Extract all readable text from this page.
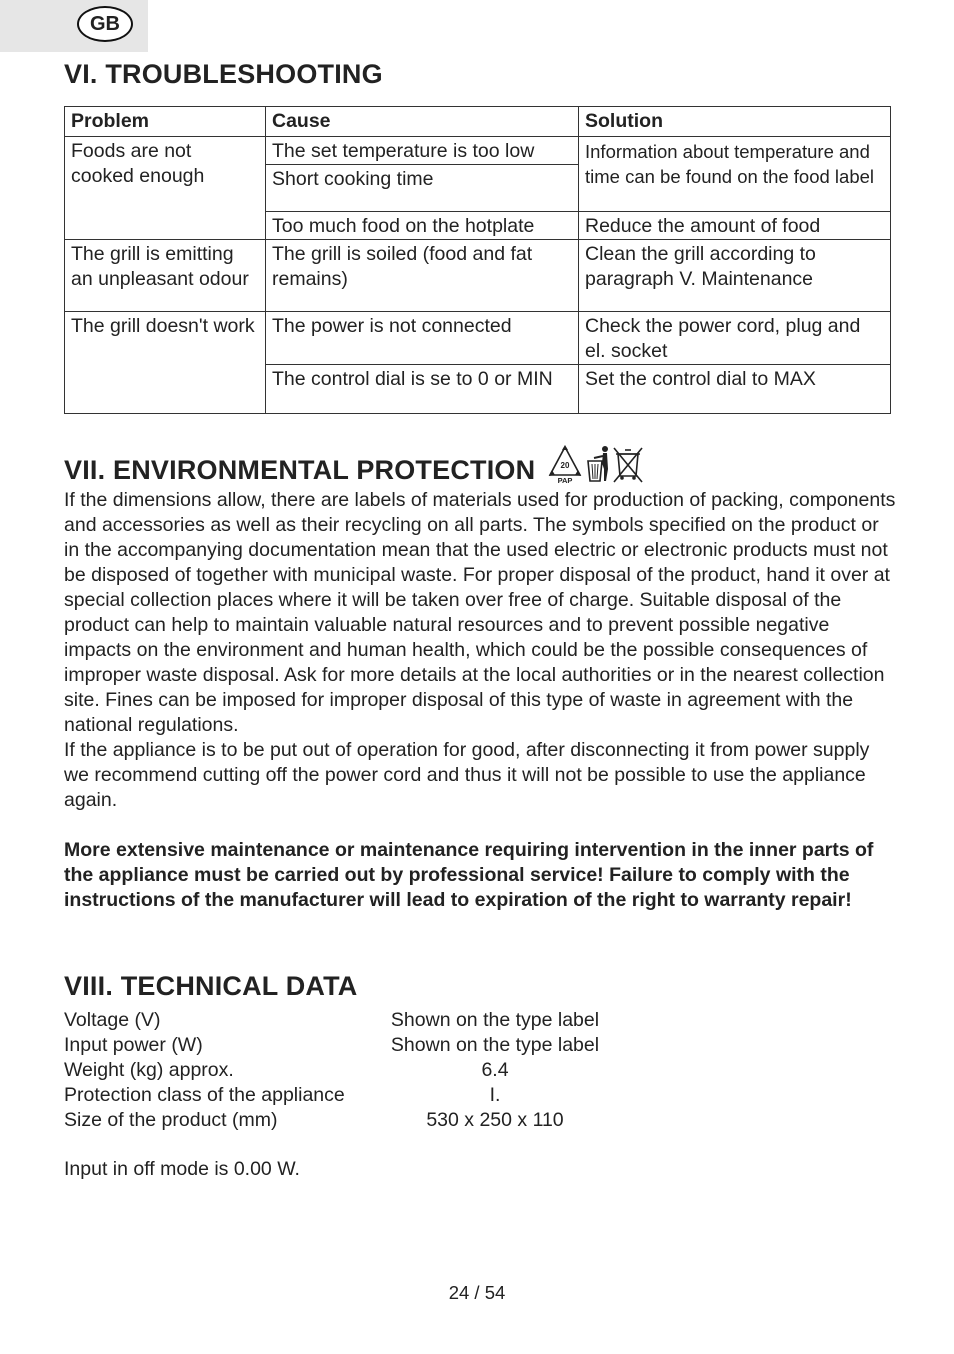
GB
VI. TROUBLESHOOTING
Problem	Cause	Solution
Foods are not cooked enough	The set temperature is too low	Information about temperature and time can be found on the food label
	Short cooking time	
	Too much food on the hotplate	Reduce the amount of food
The grill is emitting an unpleasant odour	The grill is soiled (food and fat remains)	Clean the grill according to paragraph V. Maintenance
The grill doesn't work	The power is not connected	Check the power cord, plug and el. socket
	The control dial is se to 0 or MIN	Set the control dial to MAX
VII. ENVIRONMENTAL PROTECTION	20
PAP

If the dimensions allow, there are labels of materials used for production of packing, components and accessories as well as their recycling on all parts. The symbols specified on the product or in the accompanying documentation mean that the used electric or electronic products must not be disposed of together with municipal waste. For proper disposal of the product, hand it over at special collection places where it will be taken over free of charge. Suitable disposal of the product can help to maintain valuable natural resources and to prevent possible negative impacts on the environment and human health, which could be the possible consequences of improper waste disposal. Ask for more details at the local authorities or in the nearest collection site. Fines can be imposed for improper disposal of this type of waste in agreement with the national regulations.

If the appliance is to be put out of operation for good, after disconnecting it from power supply we recommend cutting off the power cord and thus it will not be possible to use the appliance again.

More extensive maintenance or maintenance requiring intervention in the inner parts of the appliance must be carried out by professional service! Failure to comply with the instructions of the manufacturer will lead to expiration of the right to warranty repair!

VIII. TECHNICAL DATA
Voltage (V)	Shown on the type label
Input power (W)	Shown on the type label
Weight (kg) approx.	6.4
Protection class of the appliance	I.
Size of the product (mm)	530 x 250 x 110

Input in off mode is 0.00 W.

24 / 54
